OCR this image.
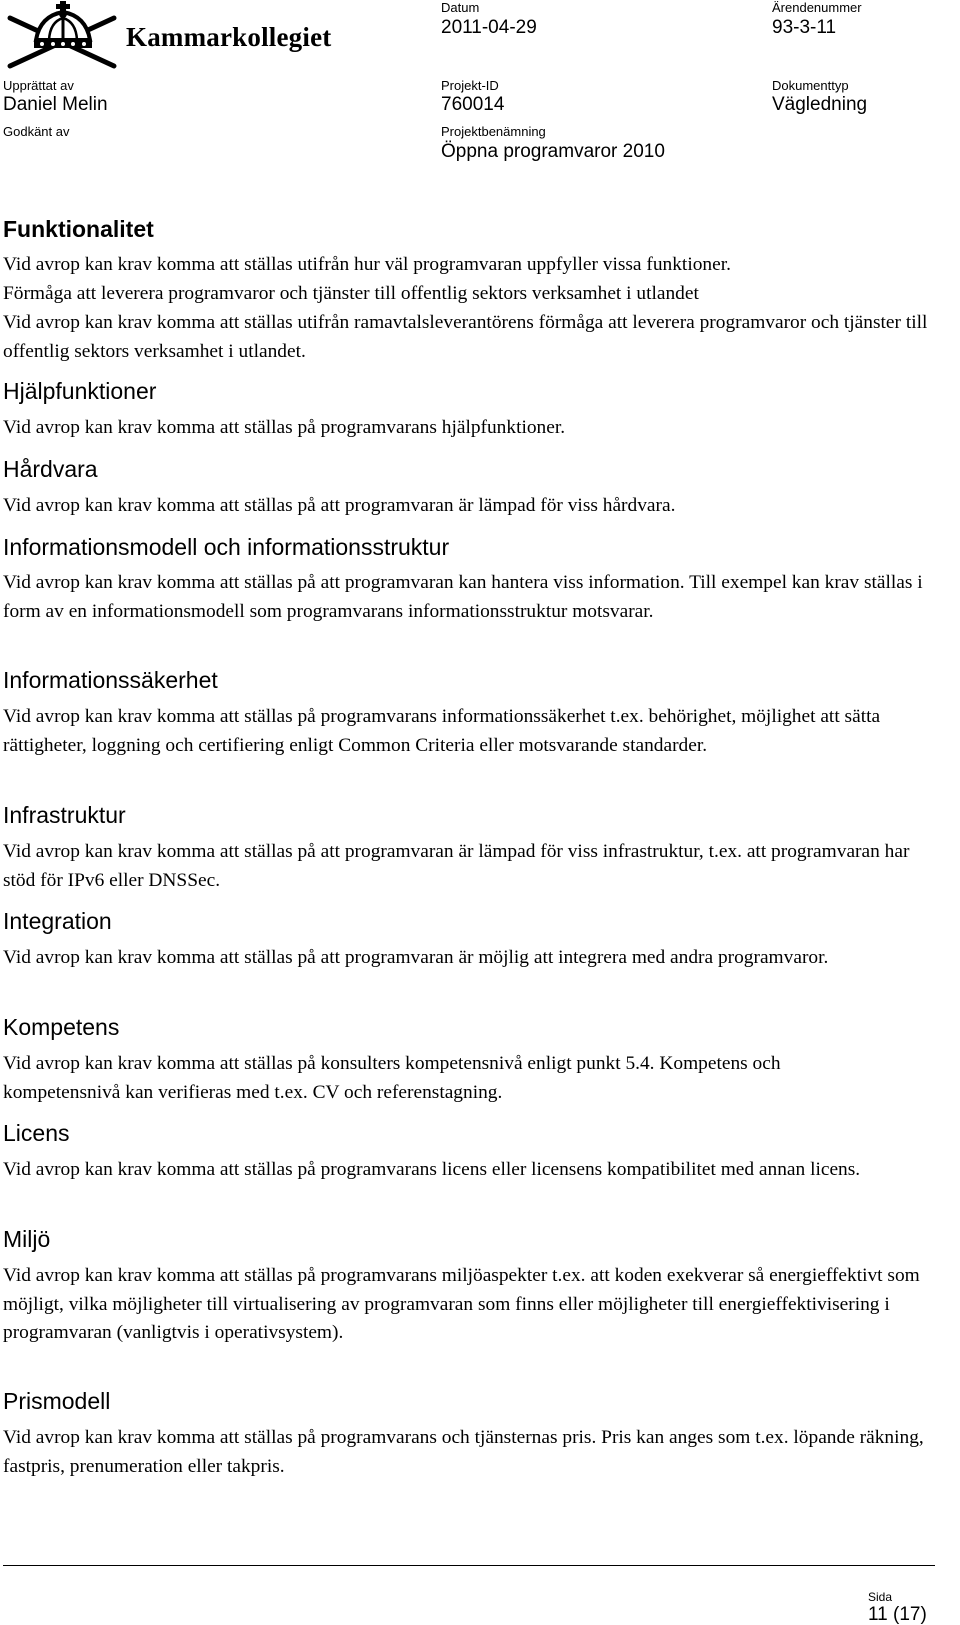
Kammarkollegiet
Datum
2011-04-29
Ärendenummer
93-3-11
Upprättat av
Daniel Melin
Projekt-ID
760014
Dokumenttyp
Vägledning
Godkänt av	Projektbenämning
Öppna programvaror 2010
Funktionalitet
Vid avrop kan krav komma att ställas utifrån hur väl programvaran uppfyller vissa funktioner.
Förmåga att leverera programvaror och tjänster till offentlig sektors verksamhet i utlandet
Vid avrop kan krav komma att ställas utifrån ramavtalsleverantörens förmåga att leverera programvaror och tjänster till offentlig sektors verksamhet i utlandet.
Hjälpfunktioner
Vid avrop kan krav komma att ställas på programvarans hjälpfunktioner.
Hårdvara
Vid avrop kan krav komma att ställas på att programvaran är lämpad för viss hårdvara.
Informationsmodell och informationsstruktur
Vid avrop kan krav komma att ställas på att programvaran kan hantera viss information. Till exempel kan krav ställas i form av en informationsmodell som programvarans informationsstruktur motsvarar.
Informationssäkerhet
Vid avrop kan krav komma att ställas på programvarans informationssäkerhet t.ex. behörighet, möjlighet att sätta rättigheter, loggning och certifiering enligt Common Criteria eller motsvarande standarder.
Infrastruktur
Vid avrop kan krav komma att ställas på att programvaran är lämpad för viss infrastruktur, t.ex. att programvaran har stöd för IPv6 eller DNSSec.
Integration
Vid avrop kan krav komma att ställas på att programvaran är möjlig att integrera med andra programvaror.
Kompetens
Vid avrop kan krav komma att ställas på konsulters kompetensnivå enligt punkt 5.4. Kompetens och kompetensnivå kan verifieras med t.ex. CV och referenstagning.
Licens
Vid avrop kan krav komma att ställas på programvarans licens eller licensens kompatibilitet med annan licens.
Miljö
Vid avrop kan krav komma att ställas på programvarans miljöaspekter t.ex. att koden exekverar så energieffektivt som möjligt, vilka möjligheter till virtualisering av programvaran som finns eller möjligheter till energieffektivisering i programvaran (vanligtvis i operativsystem).
Prismodell
Vid avrop kan krav komma att ställas på programvarans och tjänsternas pris. Pris kan anges som t.ex. löpande räkning, fastpris, prenumeration eller takpris.
Sida
11 (17)
